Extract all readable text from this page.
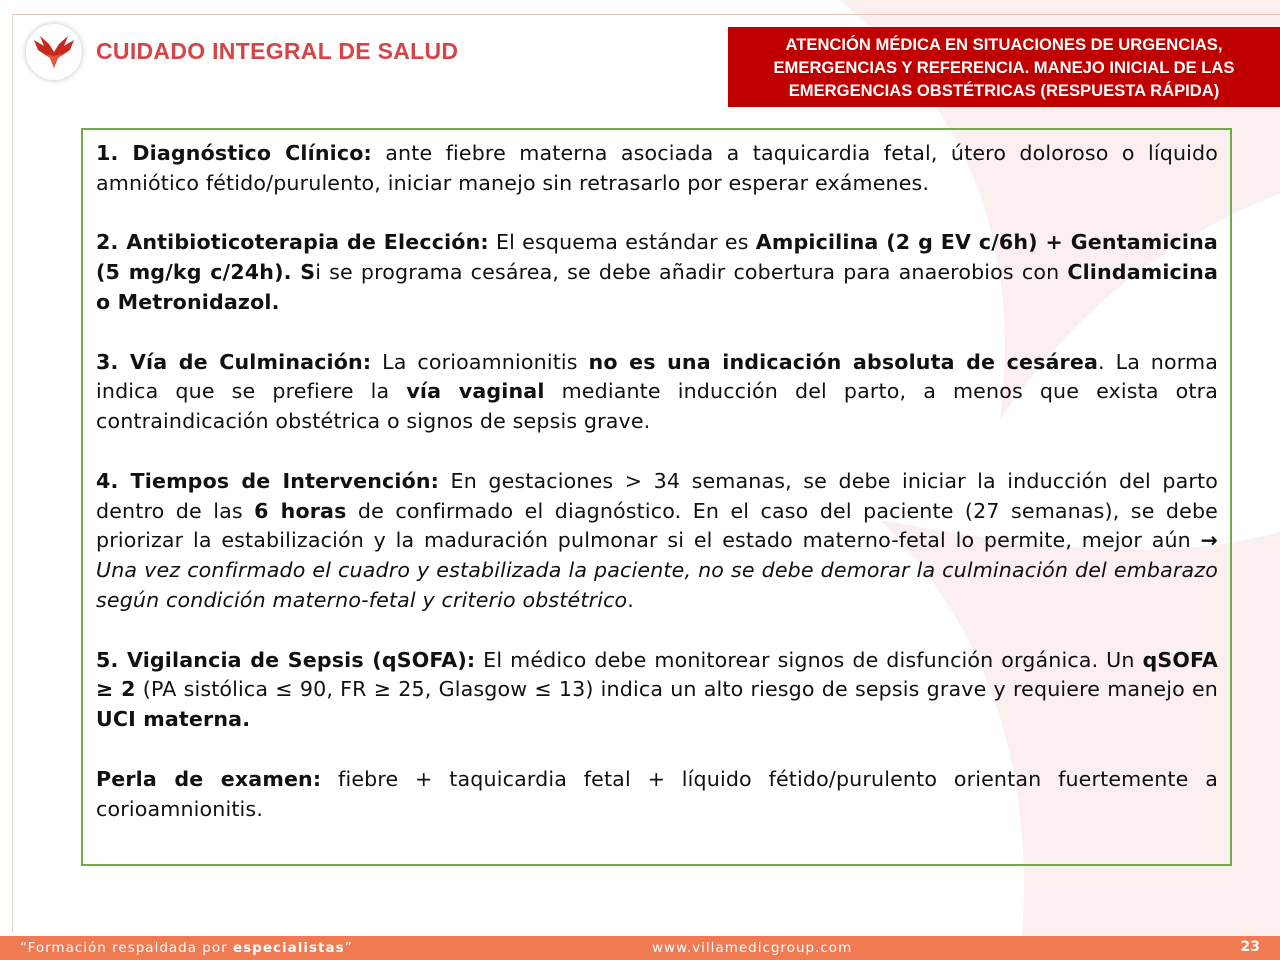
CUIDADO INTEGRAL DE SALUD	ATENCIÓN MÉDICA EN SITUACIONES DE URGENCIAS,
EMERGENCIAS Y REFERENCIA. MANEJO INICIAL DE LAS
EMERGENCIAS OBSTÉTRICAS (RESPUESTA RÁPIDA)

1. Diagnóstico Clínico: ante fiebre materna asociada a taquicardia fetal, útero doloroso o líquido amniótico fétido/purulento, iniciar manejo sin retrasarlo por esperar exámenes.

2. Antibioticoterapia de Elección: El esquema estándar es Ampicilina (2 g EV c/6h) + Gentamicina (5 mg/kg c/24h). Si se programa cesárea, se debe añadir cobertura para anaerobios con Clindamicina o Metronidazol.

3. Vía de Culminación: La corioamnionitis no es una indicación absoluta de cesárea. La norma indica que se prefiere la vía vaginal mediante inducción del parto, a menos que exista otra contraindicación obstétrica o signos de sepsis grave.

4. Tiempos de Intervención: En gestaciones > 34 semanas, se debe iniciar la inducción del parto dentro de las 6 horas de confirmado el diagnóstico. En el caso del paciente (27 semanas), se debe priorizar la estabilización y la maduración pulmonar si el estado materno-fetal lo permite, mejor aún → Una vez confirmado el cuadro y estabilizada la paciente, no se debe demorar la culminación del embarazo según condición materno-fetal y criterio obstétrico.

5. Vigilancia de Sepsis (qSOFA): El médico debe monitorear signos de disfunción orgánica. Un qSOFA ≥ 2 (PA sistólica ≤ 90, FR ≥ 25, Glasgow ≤ 13) indica un alto riesgo de sepsis grave y requiere manejo en UCI materna.

Perla de examen: fiebre + taquicardia fetal + líquido fétido/purulento orientan fuertemente a corioamnionitis.

“Formación respaldada por especialistas”	www.villamedicgroup.com	23
